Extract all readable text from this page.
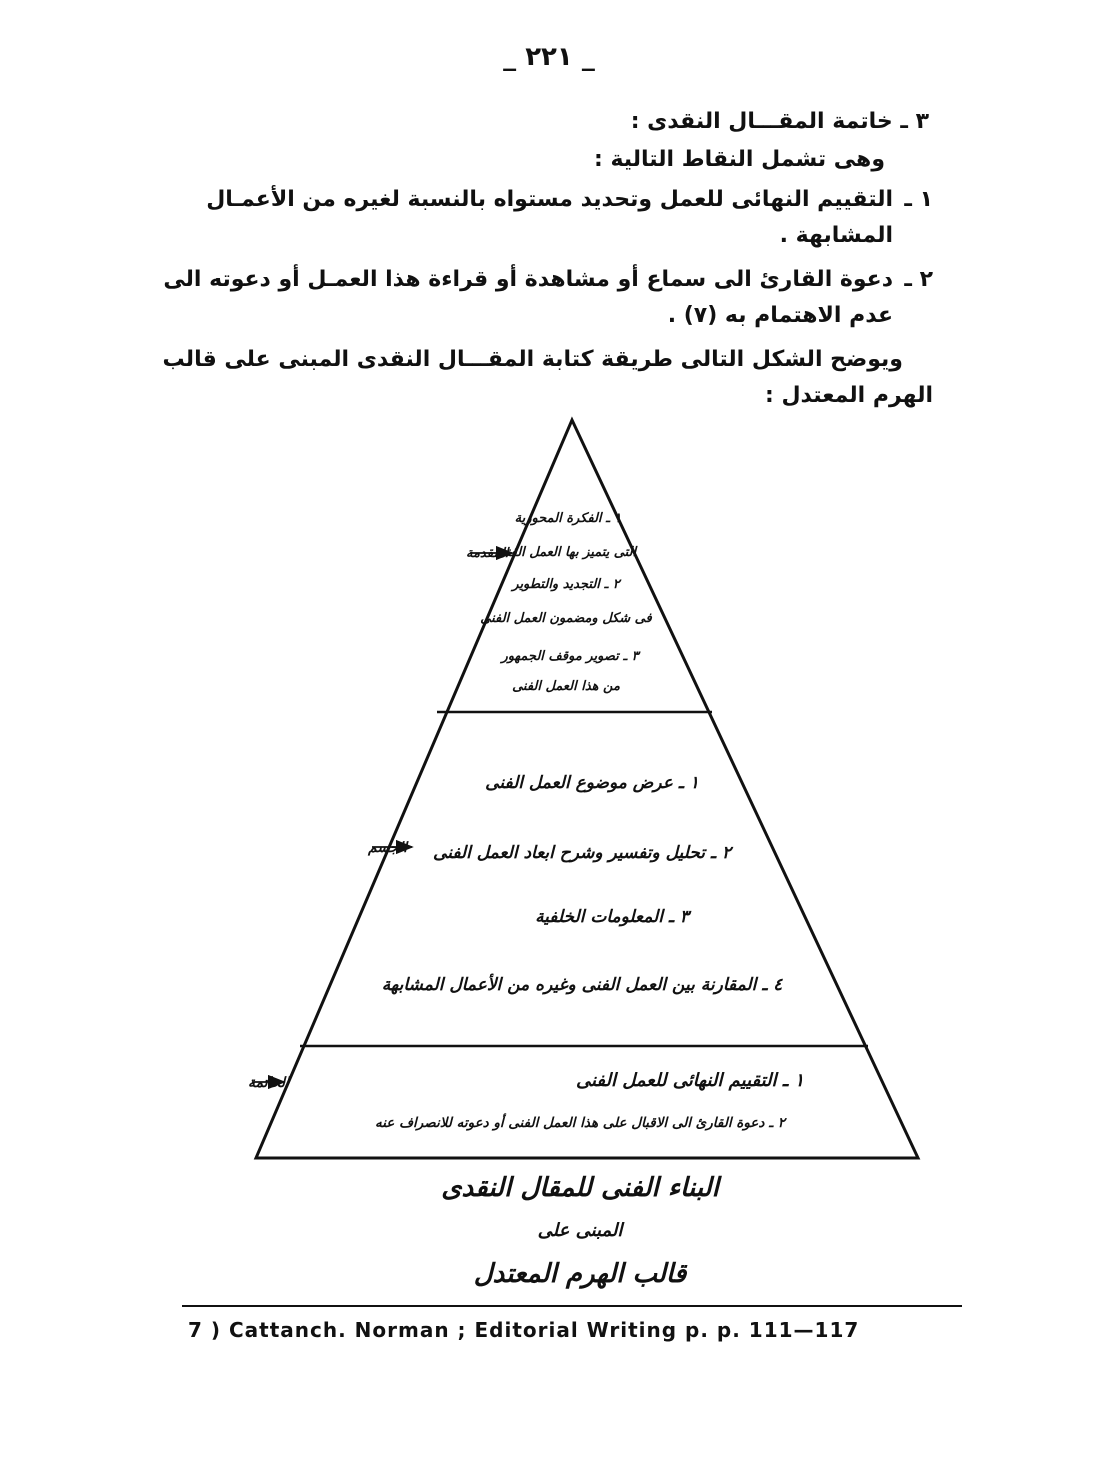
_ ٢٢١ _

٣ ـ خاتمة المقـــال النقدى :

وهى تشمل النقاط التالية :

١ ـ
التقييم النهائى للعمل وتحديد مستواه بالنسبة لغيره من الأعمـال المشابهة .
٢ ـ
دعوة القارئ الى سماع أو مشاهدة أو قراءة هذا العمـل أو دعوته الى عدم الاهتمام به (٧) .

ويوضح الشكل التالى طريقة كتابة المقـــال النقدى المبنى على قالب الهرم المعتدل :

١ ـ الفكرة المحورية
التى يتميز بها العمل الفنى
٢ ـ التجديد والتطوير
فى شكل ومضمون العمل الفنى
٣ ـ تصوير موقف الجمهور
من هذا العمل الفنى
١ ـ عرض موضوع العمل الفنى
٢ ـ تحليل وتفسير وشرح ابعاد العمل الفنى
٣ ـ المعلومات الخلفية
٤ ـ المقارنة بين العمل الفنى وغيره من الأعمال المشابهة
١ ـ التقييم النهائى للعمل الفنى
٢ ـ دعوة القارئ الى الاقبال على هذا العمل الفنى أو دعوته للانصراف عنه
المقدمة
الجسم
الخاتمة
البناء الفنى للمقال النقدى
المبنى على
قالب الهرم المعتدل
7 ) Cattanch. Norman ; Editorial Writing p. p. 111—117
